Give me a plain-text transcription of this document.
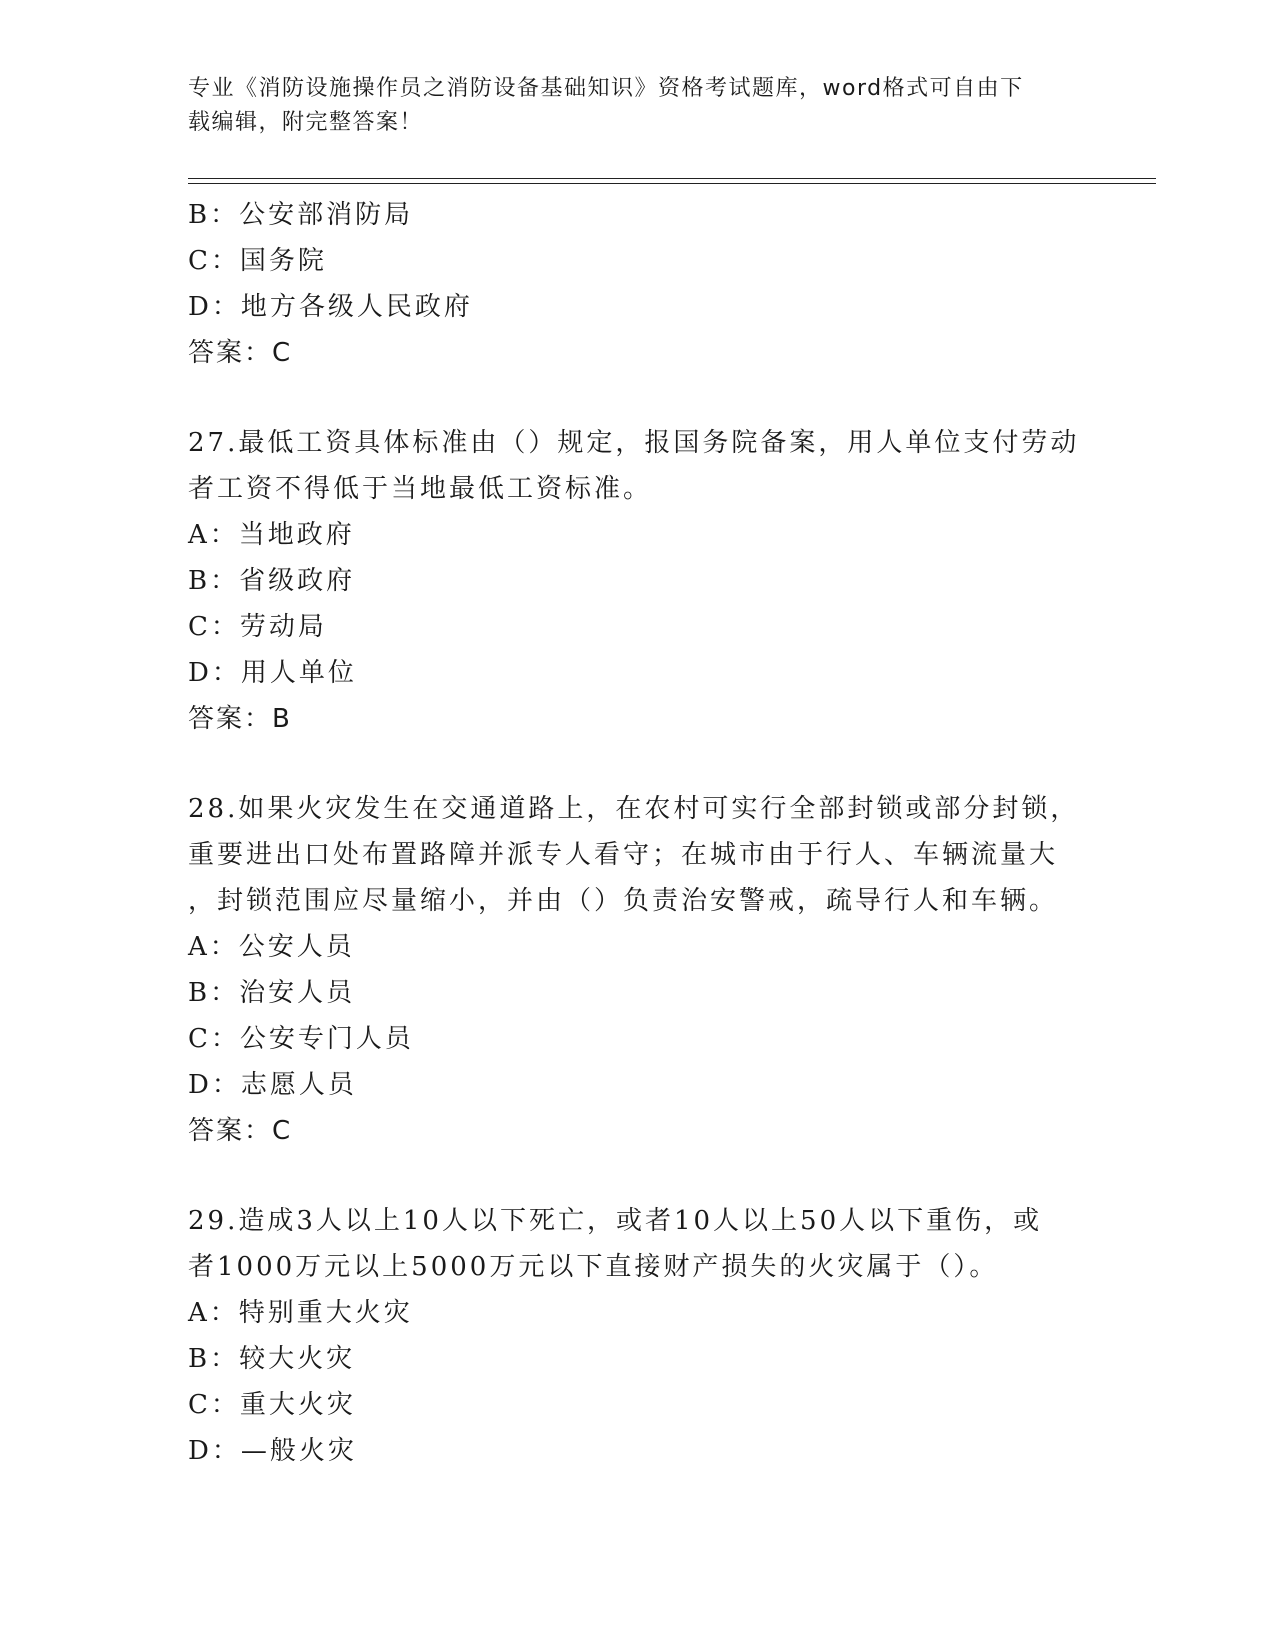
专业《消防设施操作员之消防设备基础知识》资格考试题库，word格式可自由下
载编辑，附完整答案！
B：公安部消防局
C：国务院
D：地方各级人民政府
答案：C
27.最低工资具体标准由（）规定，报国务院备案，用人单位支付劳动
者工资不得低于当地最低工资标准。
A：当地政府
B：省级政府
C：劳动局
D：用人单位
答案：B
28.如果火灾发生在交通道路上，在农村可实行全部封锁或部分封锁，
重要进出口处布置路障并派专人看守；在城市由于行人、车辆流量大
，封锁范围应尽量缩小，并由（）负责治安警戒，疏导行人和车辆。
A：公安人员
B：治安人员
C：公安专门人员
D：志愿人员
答案：C
29.造成3人以上10人以下死亡，或者10人以上50人以下重伤，或
者1000万元以上5000万元以下直接财产损失的火灾属于（）。
A：特别重大火灾
B：较大火灾
C：重大火灾
D：—般火灾
